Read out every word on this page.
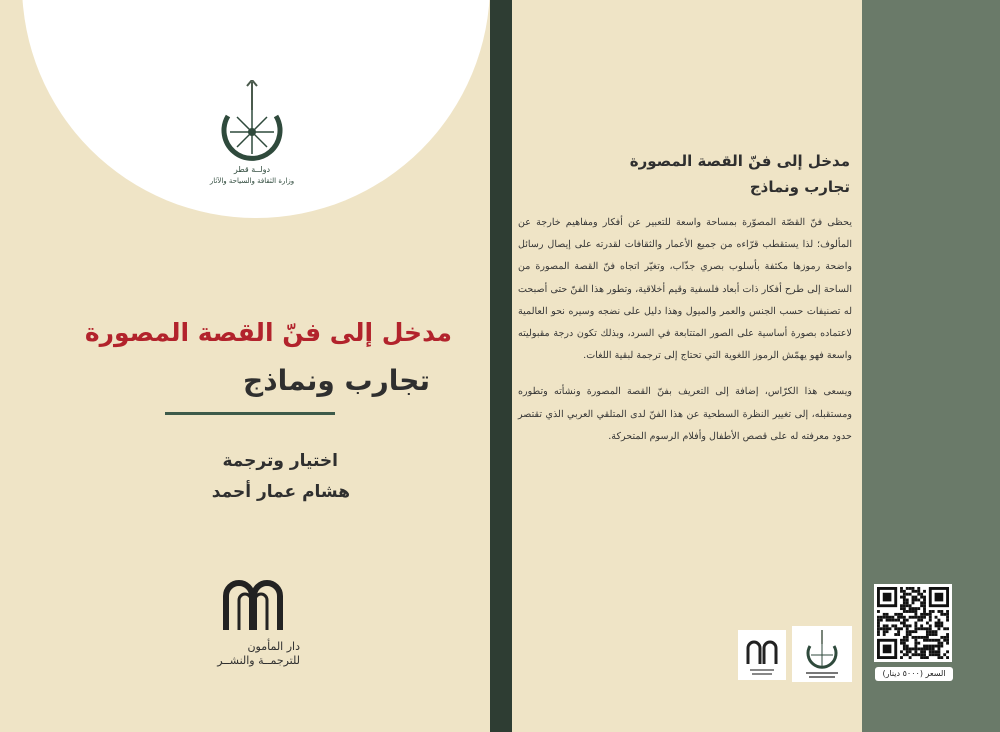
دولــة قطر
وزارة الثقافة والسياحة والآثار
مدخل إلى فنّ القصة المصورة
تجارب ونماذج
اختيار وترجمة
هشام عمار أحمد
دار المأمون
للترجمــة والنشــر
مدخل إلى فنّ القصة المصورة
تجارب ونماذج

يحظى فنّ القصّة المصوّرة بمساحة واسعة للتعبير عن أفكار ومفاهيم خارجة عن المألوف؛ لذا يستقطب قرّاءه من جميع الأعمار والثقافات لقدرته على إيصال رسائل واضحة رموزها مكثفة بأسلوب بصري جذّاب، وتغيّر اتجاه فنّ القصة المصورة من الساحة إلى طرح أفكار ذات أبعاد فلسفية وقيم أخلاقية، وتطور هذا الفنّ حتى أصبحت له تصنيفات حسب الجنس والعمر والميول وهذا دليل على نضجه وسيره نحو العالمية لاعتماده بصورة أساسية على الصور المتتابعة في السرد، وبذلك تكون درجة مقبوليته واسعة فهو يهمّش الرموز اللغوية التي تحتاج إلى ترجمة لبقية اللغات.

ويسعى هذا الكرّاس، إضافة إلى التعريف بفنّ القصة المصورة ونشأته وتطوره ومستقبله، إلى تغيير النظرة السطحية عن هذا الفنّ لدى المتلقي العربي الذي تقتصر حدود معرفته له على قصص الأطفال وأفلام الرسوم المتحركة.

السعر (٥٠٠٠ دينار)
